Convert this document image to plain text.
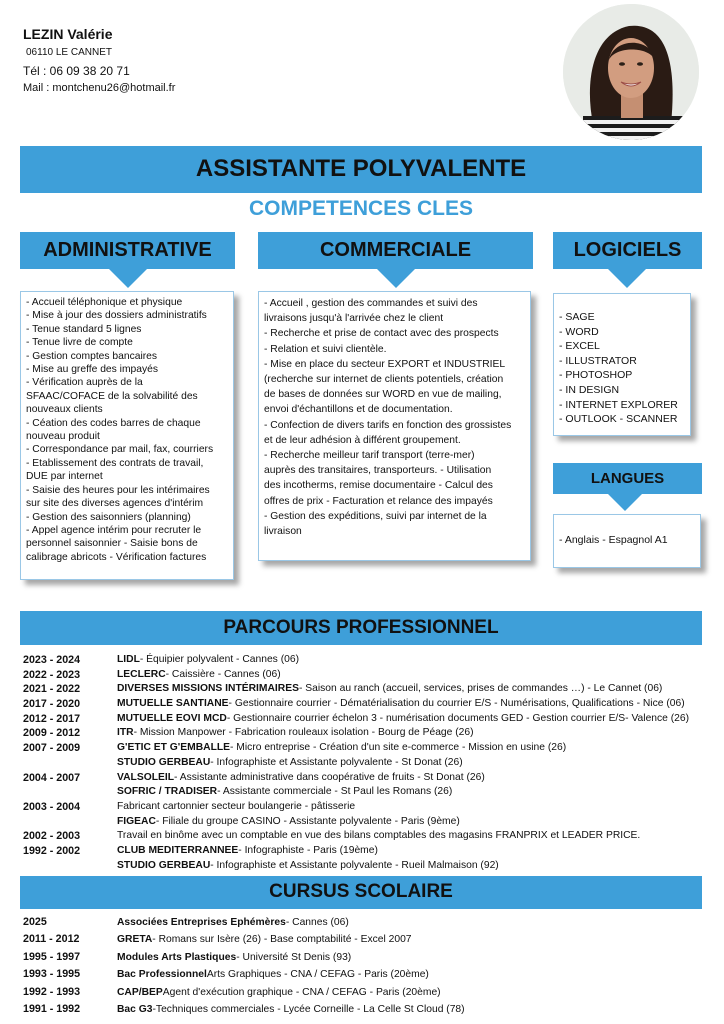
LEZIN Valérie
06110 LE CANNET
Tél : 06 09 38 20 71
Mail : montchenu26@hotmail.fr
ASSISTANTE POLYVALENTE
COMPETENCES CLES
ADMINISTRATIVE
- Accueil téléphonique et physique
- Mise à jour des dossiers administratifs
- Tenue standard 5 lignes
- Tenue livre de compte
- Gestion comptes bancaires
- Mise au greffe des impayés
- Vérification auprès de la
SFAAC/COFACE de la solvabilité des
nouveaux clients
- Céation des codes barres de chaque
nouveau produit
- Correspondance par mail, fax, courriers
- Etablissement des contrats de travail,
DUE par internet
- Saisie des heures pour les intérimaires
sur site des diverses agences d'intérim
- Gestion des saisonniers (planning)
- Appel agence intérim pour recruter le
personnel saisonnier - Saisie bons de
calibrage abricots - Vérification factures
COMMERCIALE
- Accueil , gestion des commandes et suivi des
livraisons jusqu'à l'arrivée chez le client
- Recherche et prise de contact avec des prospects
- Relation et suivi clientèle.
- Mise en place du secteur EXPORT et INDUSTRIEL
(recherche sur internet de clients potentiels, création
de bases de données sur WORD en vue de mailing,
envoi d'échantillons et de documentation.
- Confection de divers tarifs en fonction des grossistes
et de leur adhésion à différent groupement.
- Recherche meilleur tarif transport (terre-mer)
auprès des transitaires, transporteurs. - Utilisation
des incotherms, remise documentaire - Calcul des
offres de prix - Facturation et relance des impayés
- Gestion des expéditions, suivi par internet de la
livraison
LOGICIELS
- SAGE
- WORD
- EXCEL
- ILLUSTRATOR
- PHOTOSHOP
- IN DESIGN
- INTERNET EXPLORER
- OUTLOOK - SCANNER
LANGUES
- Anglais - Espagnol A1
PARCOURS PROFESSIONNEL
2023 - 2024	LIDL - Équipier polyvalent - Cannes (06)
2022 - 2023	LECLERC - Caissière - Cannes (06)
2021 - 2022	DIVERSES MISSIONS INTÉRIMAIRES - Saison au ranch (accueil, services, prises de commandes …) - Le Cannet (06)
2017 - 2020	MUTUELLE SANTIANE - Gestionnaire courrier - Dématérialisation du courrier E/S - Numérisations, Qualifications - Nice (06)
2012 - 2017	MUTUELLE EOVI MCD - Gestionnaire courrier échelon 3 - numérisation documents GED - Gestion courrier E/S- Valence (26)
2009 - 2012	ITR - Mission Manpower - Fabrication rouleaux isolation - Bourg de Péage (26)
2007 - 2009	G'ETIC ET G'EMBALLE - Micro entreprise - Création d'un site e-commerce - Mission en usine (26)
STUDIO GERBEAU - Infographiste et Assistante polyvalente - St Donat (26)
2004 - 2007	VALSOLEIL - Assistante administrative dans coopérative de fruits - St Donat (26)
SOFRIC / TRADISER - Assistante commerciale - St Paul les Romans (26)
2003 - 2004	Fabricant cartonnier secteur boulangerie - pâtisserie
FIGEAC - Filiale du groupe CASINO - Assistante polyvalente - Paris (9ème)
2002 - 2003	Travail en binôme avec un comptable en vue des bilans comptables des magasins FRANPRIX et LEADER PRICE.
1992 - 2002	CLUB MEDITERRANNEE - Infographiste - Paris (19ème)
STUDIO GERBEAU - Infographiste et Assistante polyvalente - Rueil Malmaison (92)
CURSUS SCOLAIRE
2025	Associées Entreprises Ephémères - Cannes (06)
2011 - 2012	GRETA - Romans sur Isère (26) - Base comptabilité - Excel 2007
1995 - 1997	Modules Arts Plastiques - Université St Denis (93)
1993 - 1995	Bac Professionnel Arts Graphiques - CNA / CEFAG - Paris (20ème)
1992 - 1993	CAP/BEP Agent d'exécution graphique - CNA / CEFAG - Paris (20ème)
1991 - 1992	Bac G3 -Techniques commerciales - Lycée Corneille - La Celle St Cloud (78)
